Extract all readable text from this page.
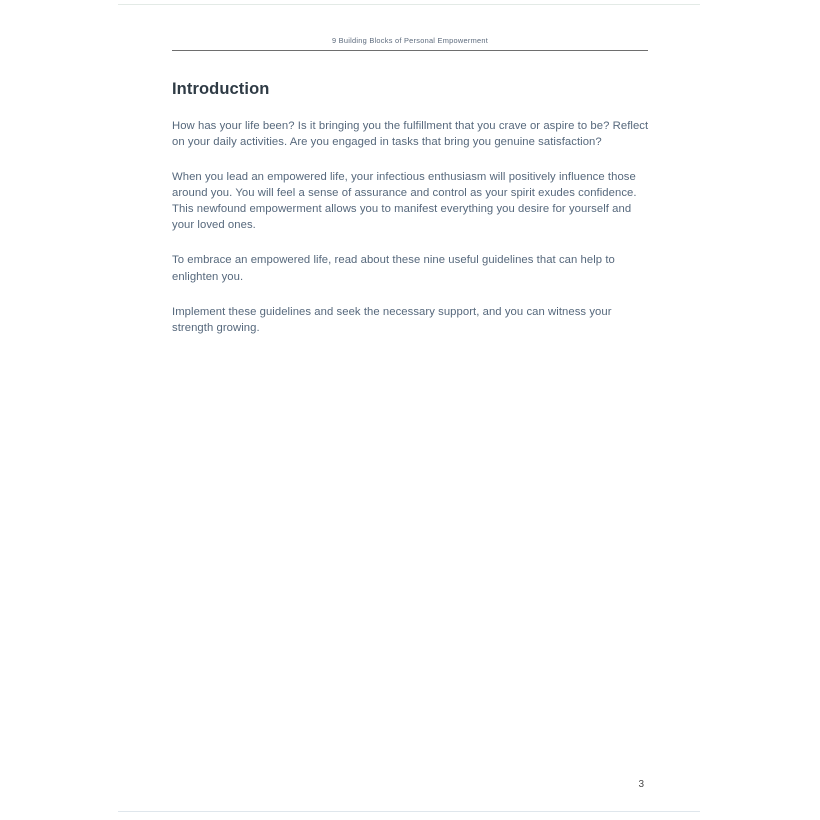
9 Building Blocks of Personal Empowerment
Introduction

How has your life been? Is it bringing you the fulfillment that you crave or aspire to be? Reflect on your daily activities. Are you engaged in tasks that bring you genuine satisfaction?

When you lead an empowered life, your infectious enthusiasm will positively influence those around you. You will feel a sense of assurance and control as your spirit exudes confidence. This newfound empowerment allows you to manifest everything you desire for yourself and your loved ones.

To embrace an empowered life, read about these nine useful guidelines that can help to enlighten you.

Implement these guidelines and seek the necessary support, and you can witness your strength growing.

3
